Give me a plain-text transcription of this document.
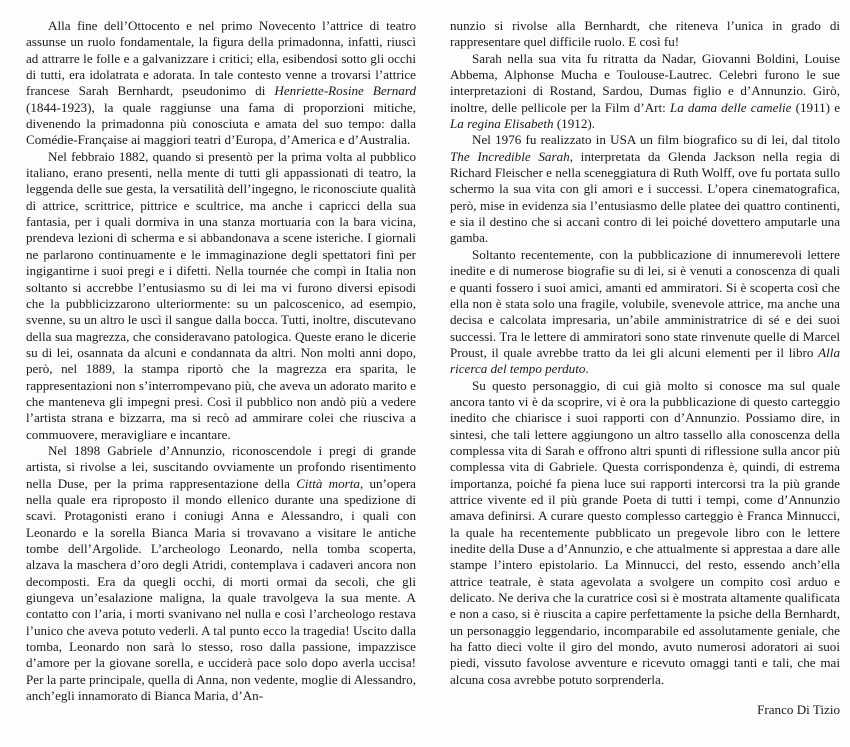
Alla fine dell’Ottocento e nel primo Novecento l’attrice di teatro assunse un ruolo fondamentale, la figura della primadonna, infatti, riuscì ad attrarre le folle e a galvanizzare i critici; ella, esibendosi sotto gli occhi di tutti, era idolatrata e adorata. In tale contesto venne a trovarsi l’attrice francese Sarah Bernhardt, pseudonimo di Henriette-Rosine Bernard (1844-1923), la quale raggiunse una fama di proporzioni mitiche, divenendo la primadonna più conosciuta e amata del suo tempo: dalla Comédie-Française ai maggiori teatri d’Europa, d’America e d’Australia.

Nel febbraio 1882, quando si presentò per la prima volta al pubblico italiano, erano presenti, nella mente di tutti gli appassionati di teatro, la leggenda delle sue gesta, la versatilità dell’ingegno, le riconosciute qualità di attrice, scrittrice, pittrice e scultrice, ma anche i capricci della sua fantasia, per i quali dormiva in una stanza mortuaria con la bara vicina, prendeva lezioni di scherma e si abbandonava a scene isteriche. I giornali ne parlarono continuamente e le immaginazione degli spettatori finì per ingigantirne i suoi pregi e i difetti. Nella tournée che compì in Italia non soltanto si accrebbe l’entusiasmo su di lei ma vi furono diversi episodi che la pubblicizzarono ulteriormente: su un palcoscenico, ad esempio, svenne, su un altro le uscì il sangue dalla bocca. Tutti, inoltre, discutevano della sua magrezza, che consideravano patologica. Queste erano le dicerie su di lei, osannata da alcuni e condannata da altri. Non molti anni dopo, però, nel 1889, la stampa riportò che la magrezza era sparita, le rappresentazioni non s’interrompevano più, che aveva un adorato marito e che manteneva gli impegni presi. Così il pubblico non andò più a vedere l’artista strana e bizzarra, ma si recò ad ammirare colei che riusciva a commuovere, meravigliare e incantare.

Nel 1898 Gabriele d’Annunzio, riconoscendole i pregi di grande artista, si rivolse a lei, suscitando ovviamente un profondo risentimento nella Duse, per la prima rappresentazione della Città morta, un’opera nella quale era riproposto il mondo ellenico durante una spedizione di scavi. Protagonisti erano i coniugi Anna e Alessandro, i quali con Leonardo e la sorella Bianca Maria si trovavano a visitare le antiche tombe dell’Argolide. L’archeologo Leonardo, nella tomba scoperta, alzava la maschera d’oro degli Atridi, contemplava i cadaveri ancora non decomposti. Era da quegli occhi, di morti ormai da secoli, che gli giungeva un’esalazione maligna, la quale travolgeva la sua mente. A contatto con l’aria, i morti svanivano nel nulla e così l’archeologo restava l’unico che aveva potuto vederli. A tal punto ecco la tragedia! Uscito dalla tomba, Leonardo non sarà lo stesso, roso dalla passione, impazzisce d’amore per la giovane sorella, e ucciderà pace solo dopo averla uccisa! Per la parte principale, quella di Anna, non vedente, moglie di Alessandro, anch’egli innamorato di Bianca Maria, d’An-

nunzio si rivolse alla Bernhardt, che riteneva l’unica in grado di rappresentare quel difficile ruolo. E così fu!

Sarah nella sua vita fu ritratta da Nadar, Giovanni Boldini, Louise Abbema, Alphonse Mucha e Toulouse-Lautrec. Celebri furono le sue interpretazioni di Rostand, Sardou, Dumas figlio e d’Annunzio. Girò, inoltre, delle pellicole per la Film d’Art: La dama delle camelie (1911) e La regina Elisabeth (1912).

Nel 1976 fu realizzato in USA un film biografico su di lei, dal titolo The Incredible Sarah, interpretata da Glenda Jackson nella regia di Richard Fleischer e nella sceneggiatura di Ruth Wolff, ove fu portata sullo schermo la sua vita con gli amori e i successi. L’opera cinematografica, però, mise in evidenza sia l’entusiasmo delle platee dei quattro continenti, e sia il destino che si accanì contro di lei poiché dovettero amputarle una gamba.

Soltanto recentemente, con la pubblicazione di innumerevoli lettere inedite e di numerose biografie su di lei, si è venuti a conoscenza di quali e quanti fossero i suoi amici, amanti ed ammiratori. Si è scoperta così che ella non è stata solo una fragile, volubile, svenevole attrice, ma anche una decisa e calcolata impresaria, un’abile amministratrice di sé e dei suoi successi. Tra le lettere di ammiratori sono state rinvenute quelle di Marcel Proust, il quale avrebbe tratto da lei gli alcuni elementi per il libro Alla ricerca del tempo perduto.

Su questo personaggio, di cui già molto si conosce ma sul quale ancora tanto vi è da scoprire, vi è ora la pubblicazione di questo carteggio inedito che chiarisce i suoi rapporti con d’Annunzio. Possiamo dire, in sintesi, che tali lettere aggiungono un altro tassello alla conoscenza della complessa vita di Sarah e offrono altri spunti di riflessione sulla ancor più complessa vita di Gabriele. Questa corrispondenza è, quindi, di estrema importanza, poiché fa piena luce sui rapporti intercorsi tra la più grande attrice vivente ed il più grande Poeta di tutti i tempi, come d’Annunzio amava definirsi. A curare questo complesso carteggio è Franca Minnucci, la quale ha recentemente pubblicato un pregevole libro con le lettere inedite della Duse a d’Annunzio, e che attualmente si apprestaa a dare alle stampe l’intero epistolario. La Minnucci, del resto, essendo anch’ella attrice teatrale, è stata agevolata a svolgere un compito così arduo e delicato. Ne deriva che la curatrice così si è mostrata altamente qualificata e non a caso, si è riuscita a capire perfettamente la psiche della Bernhardt, un personaggio leggendario, incomparabile ed assolutamente geniale, che ha fatto dieci volte il giro del mondo, avuto numerosi adoratori ai suoi piedi, vissuto favolose avventure e ricevuto omaggi tanti e tali, che mai alcuna cosa avrebbe potuto sorprenderla.

Franco Di Tizio
